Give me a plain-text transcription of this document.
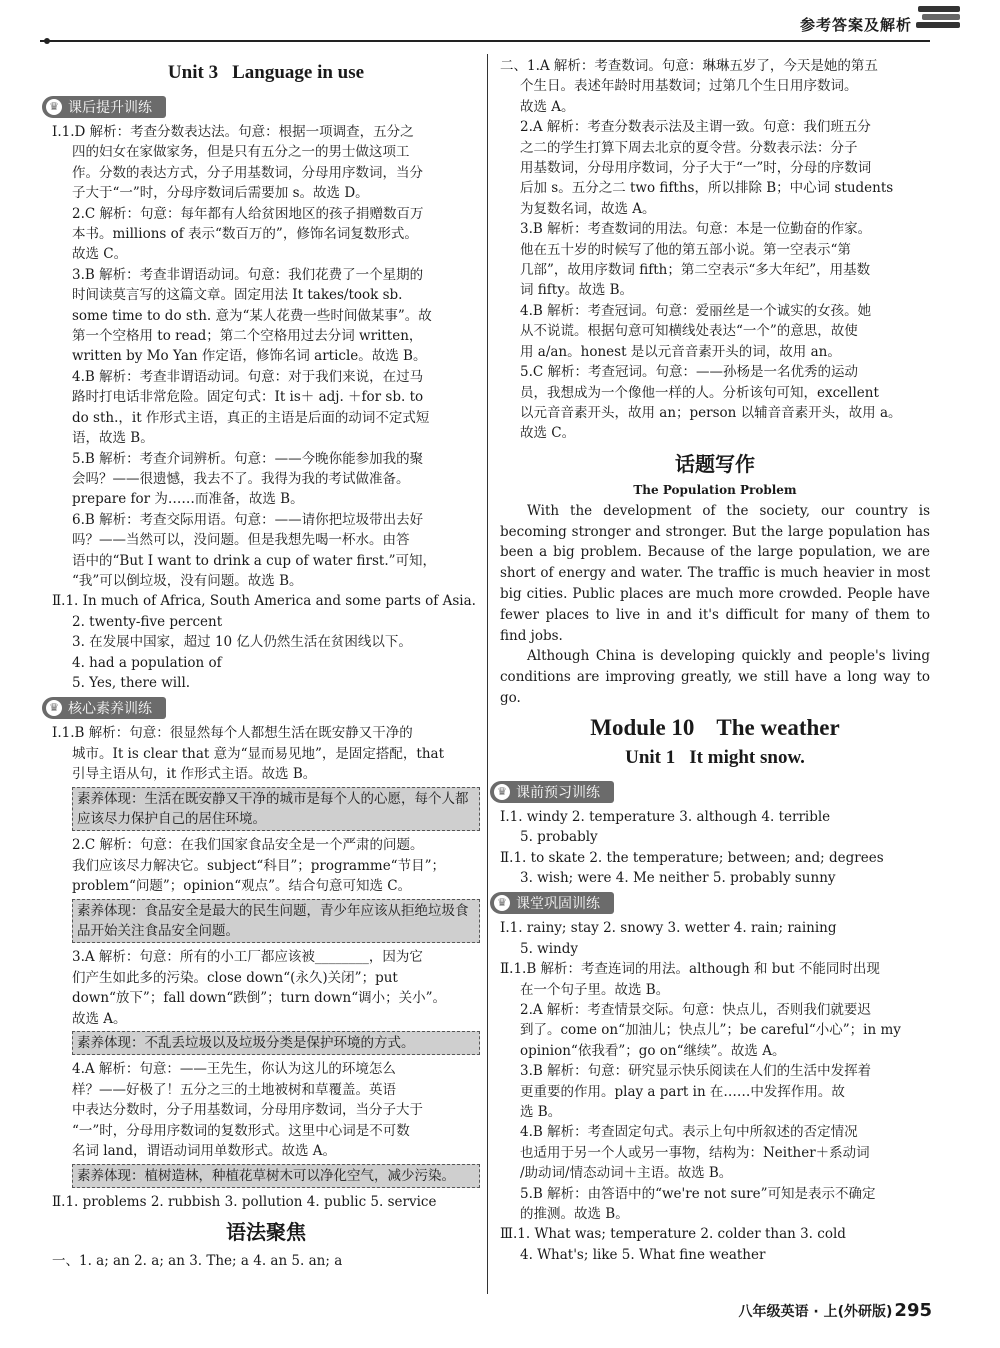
参考答案及解析
Unit 3 Language in use
♛ 课后提升训练

Ⅰ.1.D 解析：考查分数表达法。句意：根据一项调查，五分之

四的妇女在家做家务，但是只有五分之一的男士做这项工

作。分数的表达方式，分子用基数词，分母用序数词，当分

子大于“一”时，分母序数词后需要加 s。故选 D。

2.C 解析：句意：每年都有人给贫困地区的孩子捐赠数百万

本书。millions of 表示“数百万的”，修饰名词复数形式。

故选 C。

3.B 解析：考查非谓语动词。句意：我们花费了一个星期的

时间读莫言写的这篇文章。固定用法 It takes/took sb.

some time to do sth. 意为“某人花费一些时间做某事”。故

第一个空格用 to read；第二个空格用过去分词 written，

written by Mo Yan 作定语，修饰名词 article。故选 B。

4.B 解析：考查非谓语动词。句意：对于我们来说，在过马

路时打电话非常危险。固定句式：It is＋ adj. ＋for sb. to

do sth.，it 作形式主语，真正的主语是后面的动词不定式短

语，故选 B。

5.B 解析：考查介词辨析。句意：——今晚你能参加我的聚

会吗？——很遗憾，我去不了。我得为我的考试做准备。

prepare for 为……而准备，故选 B。

6.B 解析：考查交际用语。句意：——请你把垃圾带出去好

吗？——当然可以，没问题。但是我想先喝一杯水。由答

语中的“But I want to drink a cup of water first.”可知，

“我”可以倒垃圾，没有问题。故选 B。

Ⅱ.1. In much of Africa, South America and some parts of Asia.

2. twenty-five percent

3. 在发展中国家，超过 10 亿人仍然生活在贫困线以下。

4. had a population of

5. Yes, there will.

♛ 核心素养训练

Ⅰ.1.B 解析：句意：很显然每个人都想生活在既安静又干净的

城市。It is clear that 意为“显而易见地”，是固定搭配，that

引导主语从句，it 作形式主语。故选 B。

素养体现：生活在既安静又干净的城市是每个人的心愿，每个人都应该尽力保护自己的居住环境。

2.C 解析：句意：在我们国家食品安全是一个严肃的问题。

我们应该尽力解决它。subject“科目”；programme“节目”；

problem“问题”；opinion“观点”。结合句意可知选 C。

素养体现：食品安全是最大的民生问题，青少年应该从拒绝垃圾食品开始关注食品安全问题。

3.A 解析：句意：所有的小工厂都应该被________，因为它

们产生如此多的污染。close down“(永久)关闭”；put

down“放下”；fall down“跌倒”；turn down“调小；关小”。

故选 A。

素养体现：不乱丢垃圾以及垃圾分类是保护环境的方式。

4.A 解析：句意：——王先生，你认为这儿的环境怎么

样？——好极了！五分之三的土地被树和草覆盖。英语

中表达分数时，分子用基数词，分母用序数词，当分子大于

“一”时，分母用序数词的复数形式。这里中心词是不可数

名词 land，谓语动词用单数形式。故选 A。

素养体现：植树造林，种植花草树木可以净化空气，减少污染。

Ⅱ.1. problems 2. rubbish 3. pollution 4. public 5. service

语法聚焦

一、1. a; an 2. a; an 3. The; a 4. an 5. an; a

二、1.A 解析：考查数词。句意：琳琳五岁了，今天是她的第五

个生日。表述年龄时用基数词；过第几个生日用序数词。

故选 A。

2.A 解析：考查分数表示法及主谓一致。句意：我们班五分

之二的学生打算下周去北京的夏令营。分数表示法：分子

用基数词，分母用序数词，分子大于“一”时，分母的序数词

后加 s。五分之二 two fifths，所以排除 B；中心词 students

为复数名词，故选 A。

3.B 解析：考查数词的用法。句意：本是一位勤奋的作家。

他在五十岁的时候写了他的第五部小说。第一空表示“第

几部”，故用序数词 fifth；第二空表示“多大年纪”，用基数

词 fifty。故选 B。

4.B 解析：考查冠词。句意：爱丽丝是一个诚实的女孩。她

从不说谎。根据句意可知横线处表达“一个”的意思，故使

用 a/an。honest 是以元音音素开头的词，故用 an。

5.C 解析：考查冠词。句意：——孙杨是一名优秀的运动

员，我想成为一个像他一样的人。分析该句可知，excellent

以元音音素开头，故用 an；person 以辅音音素开头，故用 a。

故选 C。

话题写作
The Population Problem

With the development of the society, our country is becoming stronger and stronger. But the large population has been a big problem. Because of the large population, we are short of energy and water. The traffic is much heavier in most big cities. Public places are much more crowded. People have fewer places to live in and it's difficult for many of them to find jobs.

Although China is developing quickly and people's living conditions are improving greatly, we still have a long way to go.

Module 10 The weather
Unit 1 It might snow.
♛ 课前预习训练

Ⅰ.1. windy 2. temperature 3. although 4. terrible

5. probably

Ⅱ.1. to skate 2. the temperature; between; and; degrees

3. wish; were 4. Me neither 5. probably sunny

♛ 课堂巩固训练

Ⅰ.1. rainy; stay 2. snowy 3. wetter 4. rain; raining

5. windy

Ⅱ.1.B 解析：考查连词的用法。although 和 but 不能同时出现

在一个句子里。故选 B。

2.A 解析：考查情景交际。句意：快点儿，否则我们就要迟

到了。come on“加油儿；快点儿”；be careful“小心”；in my

opinion“依我看”；go on“继续”。故选 A。

3.B 解析：句意：研究显示快乐阅读在人们的生活中发挥着

更重要的作用。play a part in 在……中发挥作用。故

选 B。

4.B 解析：考查固定句式。表示上句中所叙述的否定情况

也适用于另一个人或另一事物，结构为：Neither＋系动词

/助动词/情态动词＋主语。故选 B。

5.B 解析：由答语中的“we're not sure”可知是表示不确定

的推测。故选 B。

Ⅲ.1. What was; temperature 2. colder than 3. cold

4. What's; like 5. What fine weather

八年级英语 · 上(外研版) 295
